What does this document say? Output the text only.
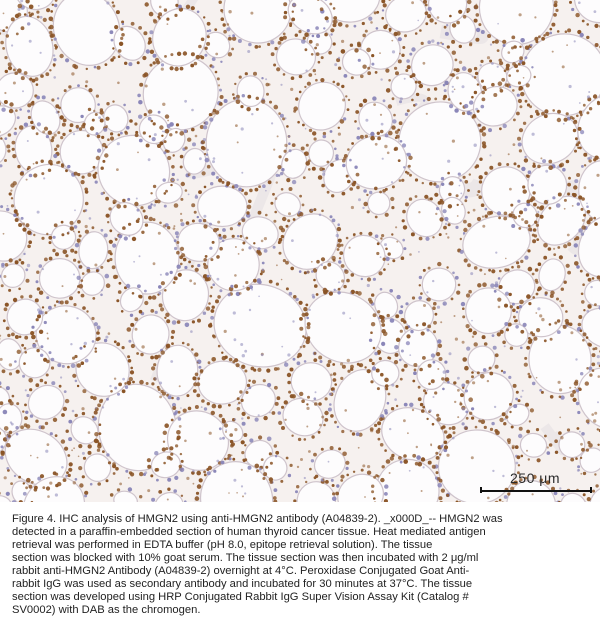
250 μm
Figure 4. IHC analysis of HMGN2 using anti-HMGN2 antibody (A04839-2). _x000D_-- HMGN2 was
detected in a paraffin-embedded section of human thyroid cancer tissue. Heat mediated antigen
retrieval was performed in EDTA buffer (pH 8.0, epitope retrieval solution). The tissue
section was blocked with 10% goat serum. The tissue section was then incubated with 2 μg/ml
rabbit anti-HMGN2 Antibody (A04839-2) overnight at 4°C. Peroxidase Conjugated Goat Anti-
rabbit IgG was used as secondary antibody and incubated for 30 minutes at 37°C. The tissue
section was developed using HRP Conjugated Rabbit IgG Super Vision Assay Kit (Catalog #
SV0002) with DAB as the chromogen.
